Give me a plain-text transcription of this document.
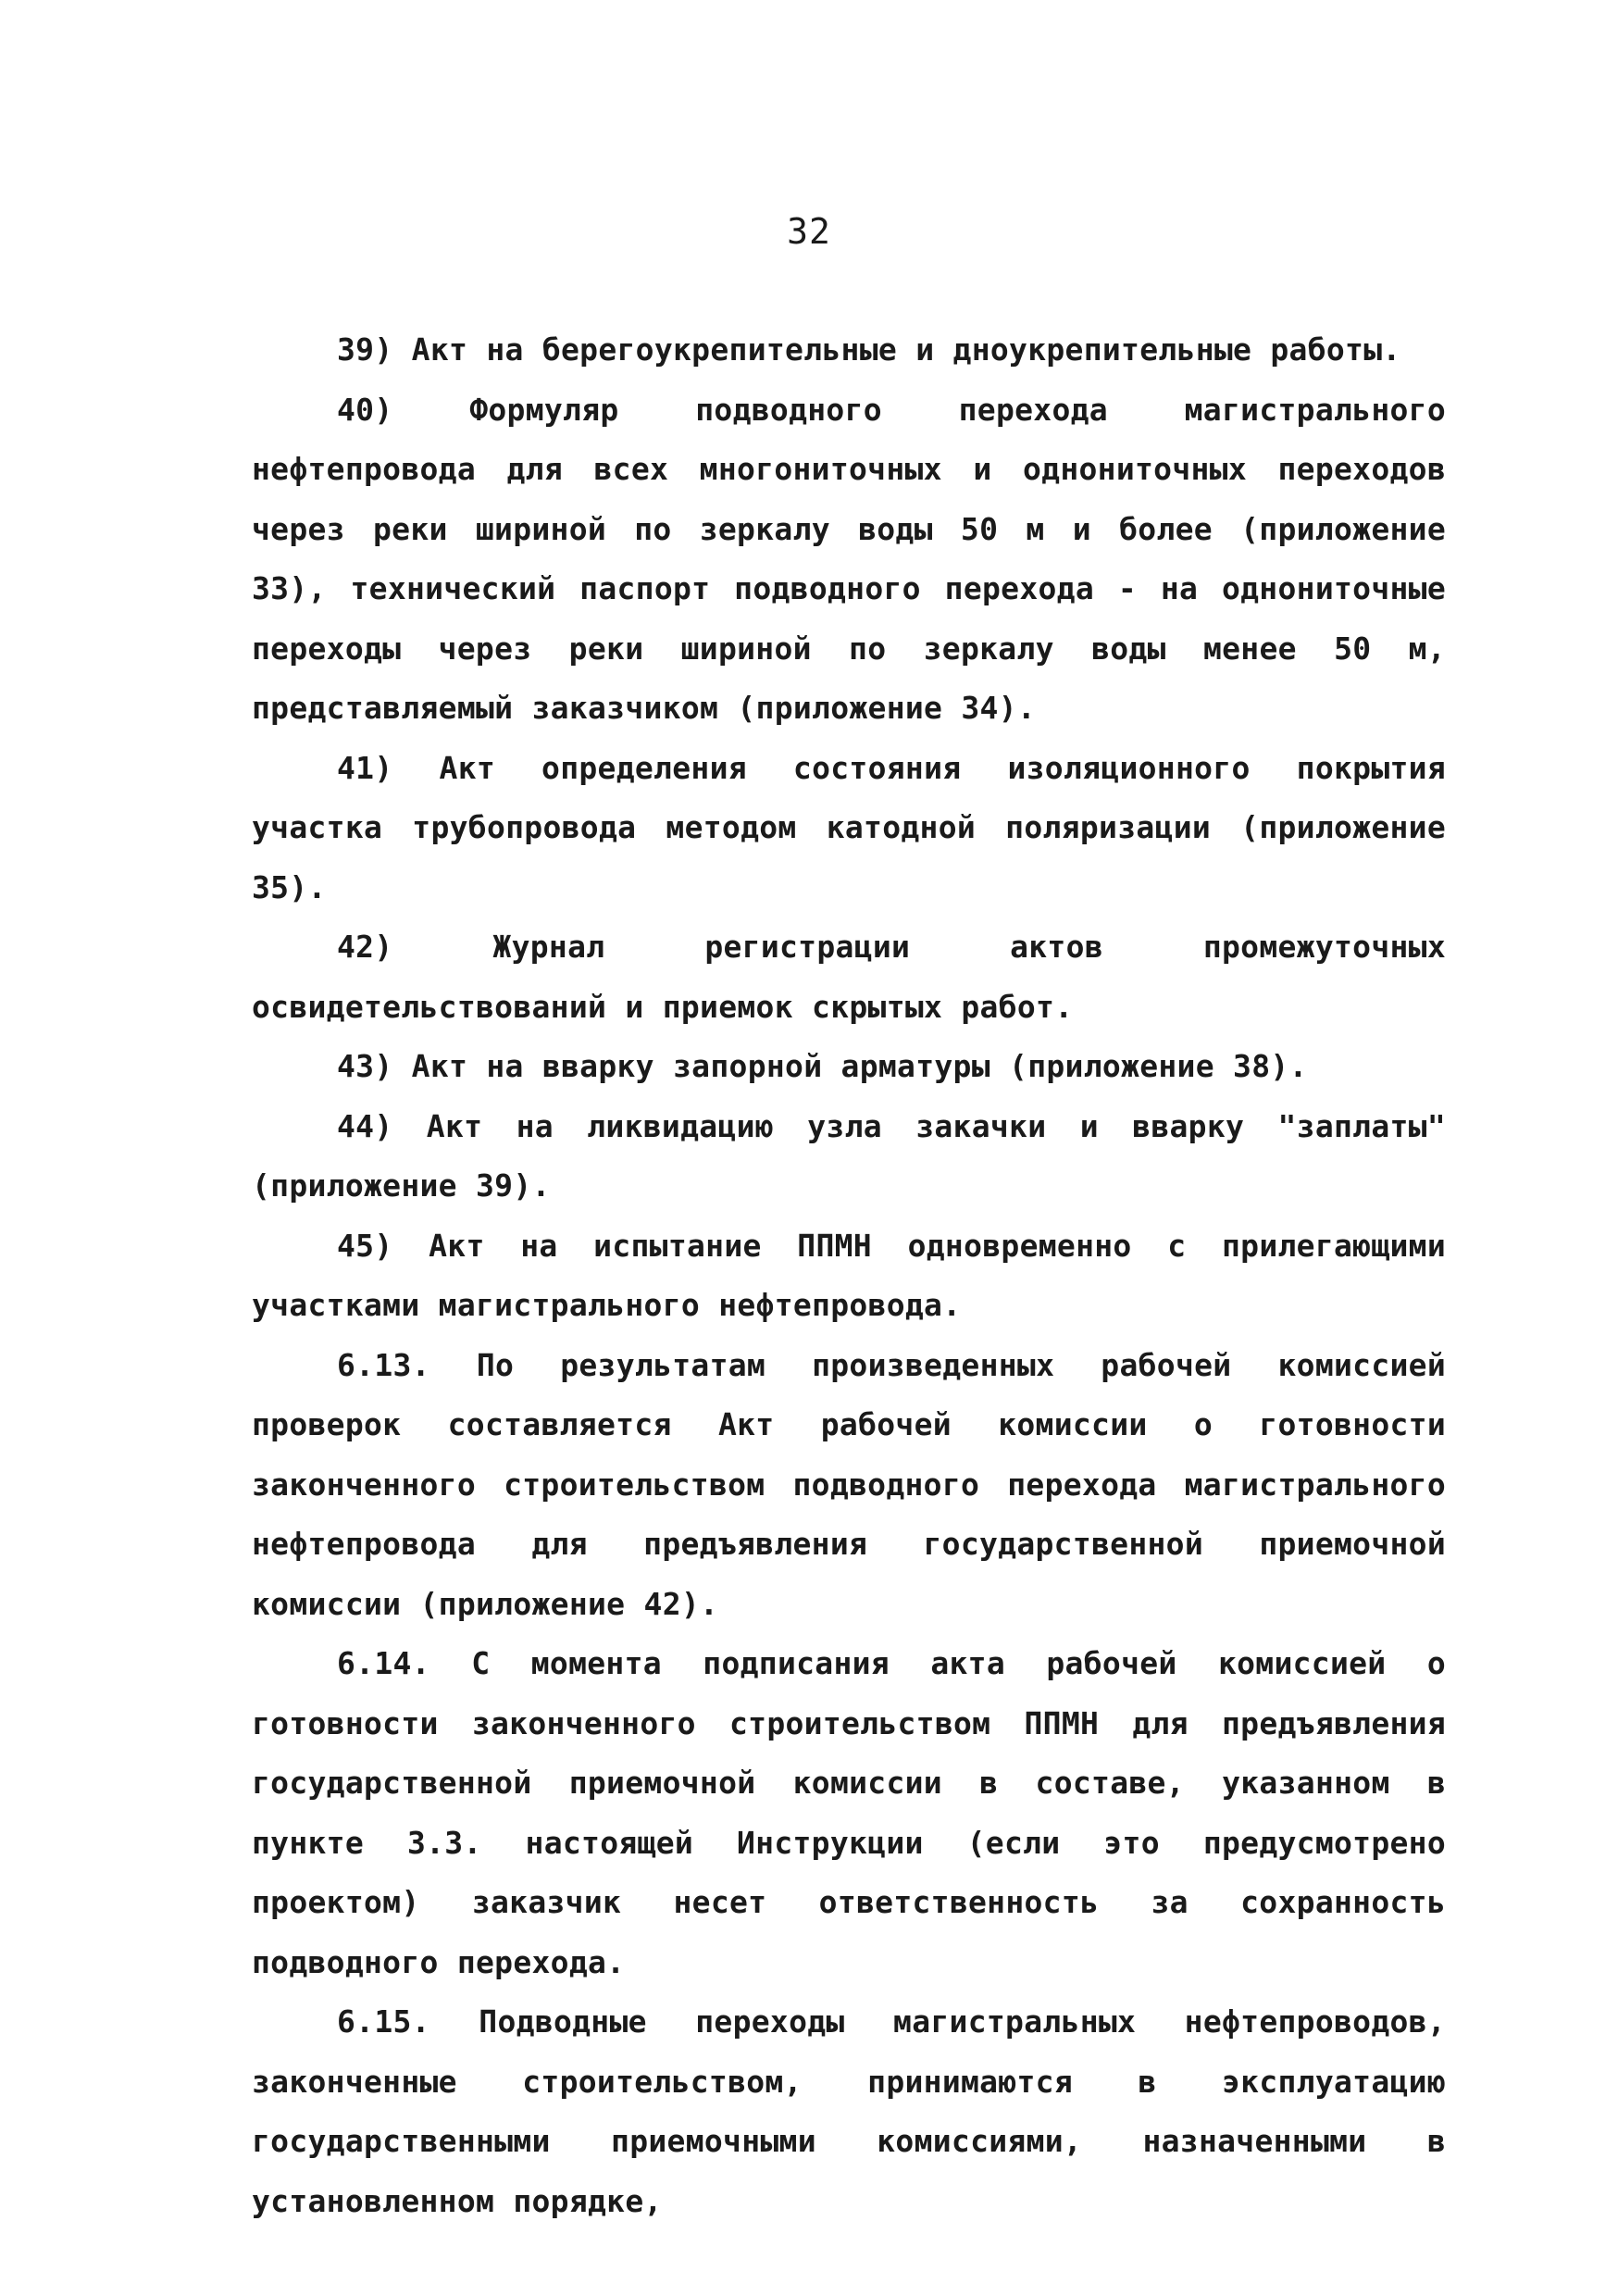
32

39) Акт на берегоукрепительные и дноукрепительные работы.

40) Формуляр подводного перехода магистрального нефтепровода для всех многониточных и однониточных переходов через реки шириной по зеркалу воды 50 м и более (приложение 33), технический паспорт подводного перехода - на однониточные переходы через реки шириной по зеркалу воды менее 50 м, представляемый заказчиком (приложение 34).

41) Акт определения состояния изоляционного покрытия участка трубопровода методом катодной поляризации (приложение 35).

42) Журнал регистрации актов промежуточных освидетельствований и приемок скрытых работ.

43) Акт на вварку запорной арматуры (приложение 38).

44) Акт на ликвидацию узла закачки и вварку "заплаты" (приложение 39).

45) Акт на испытание ППМН одновременно с прилегающими участками магистрального нефтепровода.

6.13. По результатам произведенных рабочей комиссией проверок составляется Акт рабочей комиссии о готовности законченного строительством подводного перехода магистрального нефтепровода для предъявления государственной приемочной комиссии (приложение 42).

6.14. С момента подписания акта рабочей комиссией о готовности законченного строительством ППМН для предъявления государственной приемочной комиссии в составе, указанном в пункте 3.3. настоящей Инструкции (если это предусмотрено проектом) заказчик несет ответственность за сохранность подводного перехода.

6.15. Подводные переходы магистральных нефтепроводов, законченные строительством, принимаются в эксплуатацию государственными приемочными комиссиями, назначенными в установленном порядке,
